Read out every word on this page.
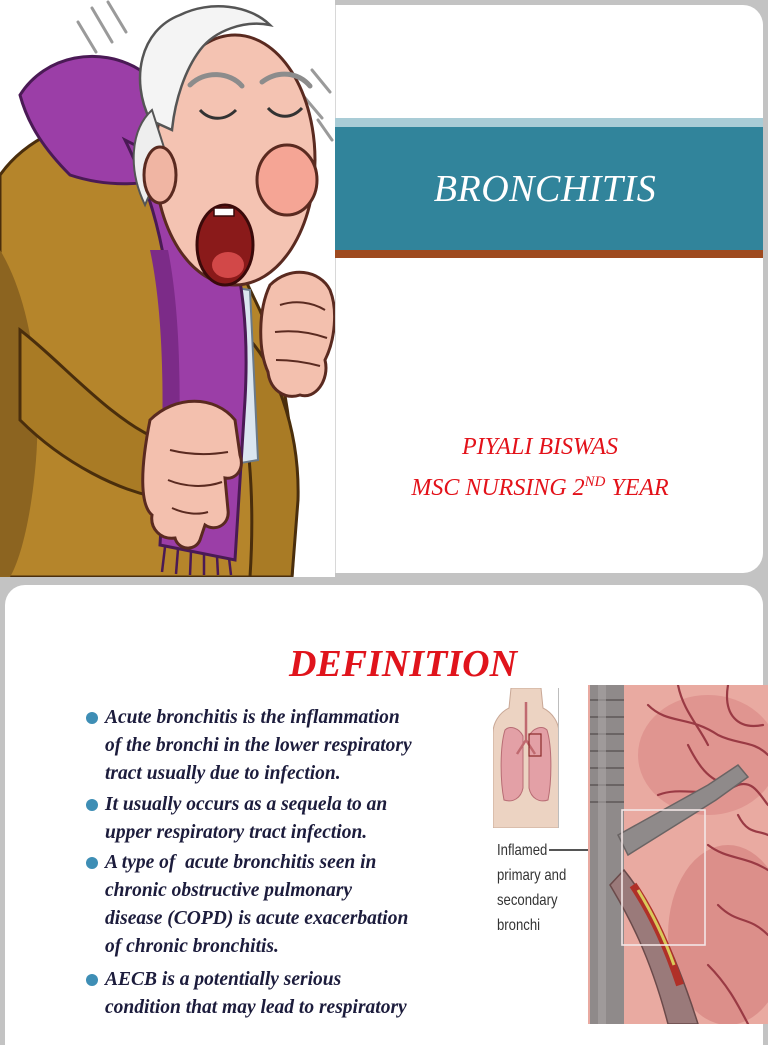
BRONCHITIS
PIYALI BISWAS
MSC NURSING 2ND YEAR
DEFINITION
Acute bronchitis is the inflammation
of the bronchi in the lower respiratory
tract usually due to infection.
It usually occurs as a sequela to an
upper respiratory tract infection.
A type of  acute bronchitis seen in
chronic obstructive pulmonary
disease (COPD) is acute exacerbation
of chronic bronchitis.
AECB is a potentially serious
condition that may lead to respiratory
Inflamed
primary and
secondary
bronchi
